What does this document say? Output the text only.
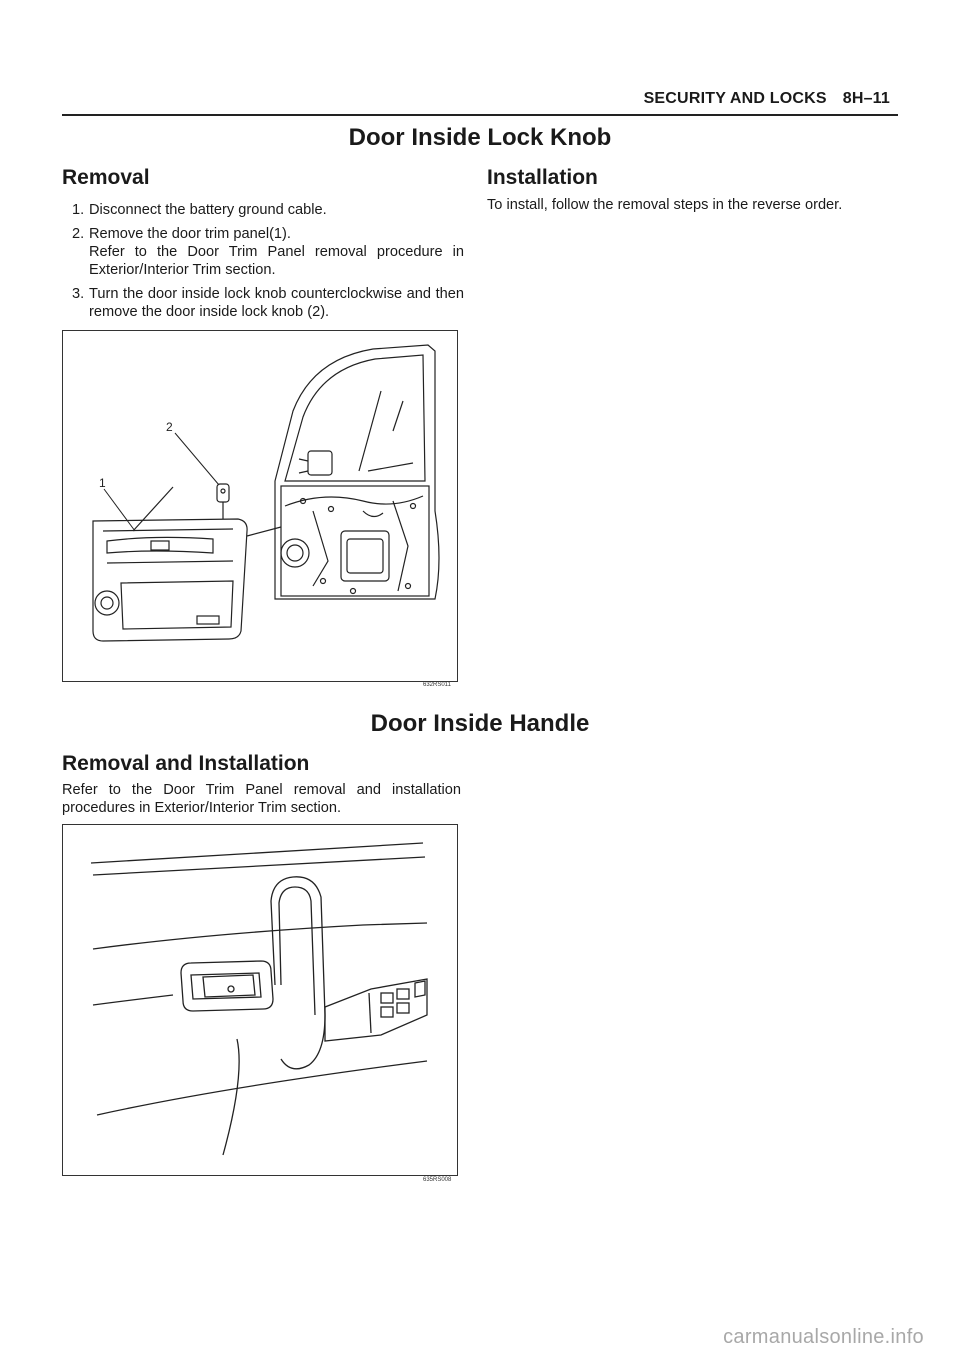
SECURITY AND LOCKS 8H–11
Door Inside Lock Knob
Removal
1. Disconnect the battery ground cable.

2. Remove the door trim panel(1).

Refer to the Door Trim Panel removal procedure in Exterior/Interior Trim section.

3. Turn the door inside lock knob counterclockwise and then remove the door inside lock knob (2).

Installation
To install, follow the removal steps in the reverse order.
1
2
632RS011
Door Inside Handle
Removal and Installation
Refer to the Door Trim Panel removal and installation procedures in Exterior/Interior Trim section.
635RS008
carmanualsonline.info
